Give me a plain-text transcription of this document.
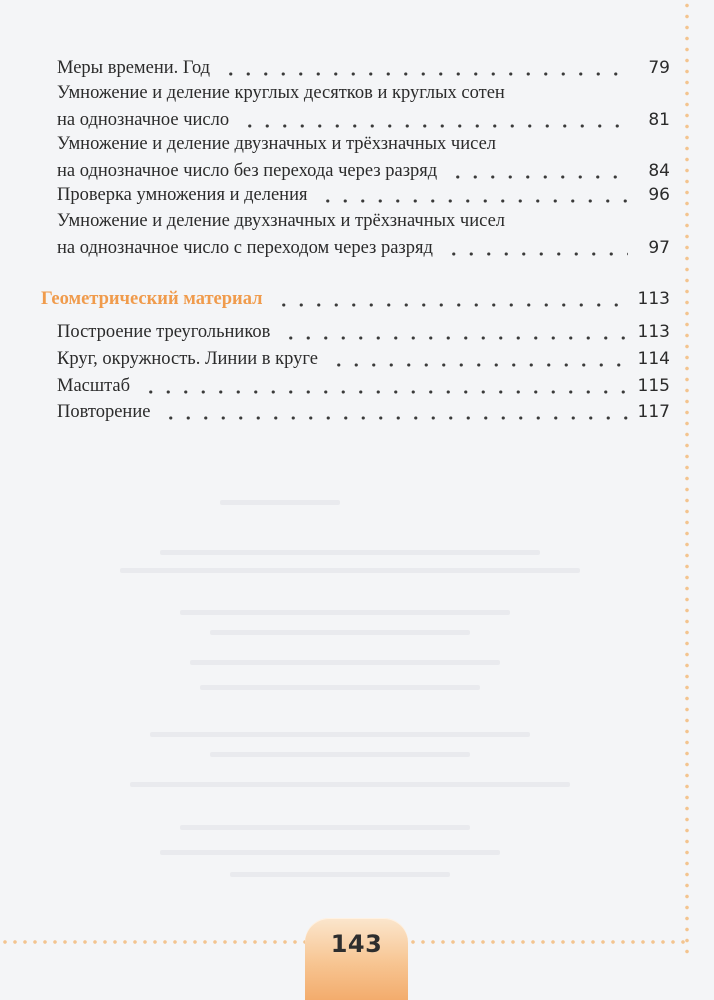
Меры времени. Год	79
Умножение и деление круглых десятков и круглых сотен
на однозначное число	81
Умножение и деление двузначных и трёхзначных чисел
на однозначное число без перехода через разряд	84
Проверка умножения и деления	96
Умножение и деление двухзначных и трёхзначных чисел
на однозначное число с переходом через разряд	97
Геометрический материал	113
Построение треугольников	113
Круг, окружность. Линии в круге	114
Масштаб	115
Повторение	117
143
